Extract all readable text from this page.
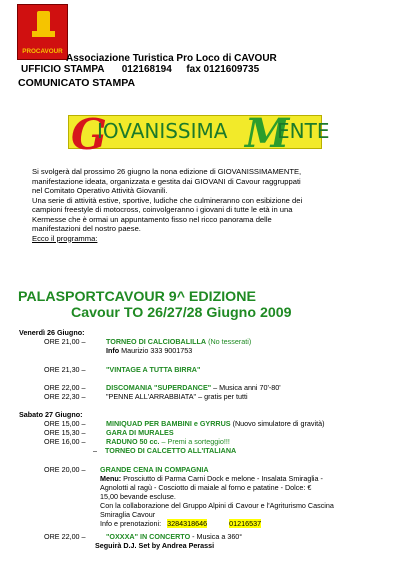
PROCAVOUR
Associazione Turistica Pro Loco di CAVOUR
UFFICIO STAMPA 012168194 fax 0121609735
COMUNICATO STAMPA
G
IOVANISSIMA M
ENTE
Si svolgerà dal prossimo 26 giugno la nona edizione di GIOVANISSIMAMENTE,
manifestazione ideata, organizzata e gestita dai GIOVANI di Cavour raggruppati
nel Comitato Operativo Attività Giovanili.
Una serie di attività estive, sportive, ludiche che culmineranno con esibizione dei
campioni freestyle di motocross, coinvolgeranno i giovani di tutte le età in una
Kermesse che è ormai un appuntamento fisso nel ricco panorama delle
manifestazioni del nostro paese.
Ecco il programma:
PALASPORTCAVOUR 9^ EDIZIONE
Cavour TO 26/27/28 Giugno 2009
Venerdì 26 Giugno:
ORE 21,00 –	TORNEO DI CALCIOBALILLA (No tesserati)
Info Maurizio 333 9001753
ORE 21,30 –	"VINTAGE A TUTTA BIRRA"
ORE 22,00 –	DISCOMANIA "SUPERDANCE" – Musica anni 70'-80'
ORE 22,30 –	"PENNE ALL'ARRABBIATA" – gratis per tutti
Sabato 27 Giugno:
ORE 15,00 –	MINIQUAD PER BAMBINI e GYRRUS (Nuovo simulatore di gravità)
ORE 15,30 –	GARA DI MURALES
ORE 16,00 –	RADUNO 50 cc. – Premi a sorteggio!!!
– TORNEO DI CALCETTO ALL'ITALIANA
ORE 20,00 – GRANDE CENA IN COMPAGNIA
Menu: Prosciutto di Parma Carni Dock e melone - Insalata Smiraglia -
Agnolotti al ragù - Cosciotto di maiale al forno e patatine - Dolce: €
15,00 bevande escluse.
Con la collaborazione del Gruppo Alpini di Cavour e l'Agriturismo Cascina
Smiraglia Cavour
Info e prenotazioni: 3284318646	01216537
ORE 22,00 –	"OXXXA" IN CONCERTO - Musica a 360°
Seguirà D.J. Set by Andrea Perassi
